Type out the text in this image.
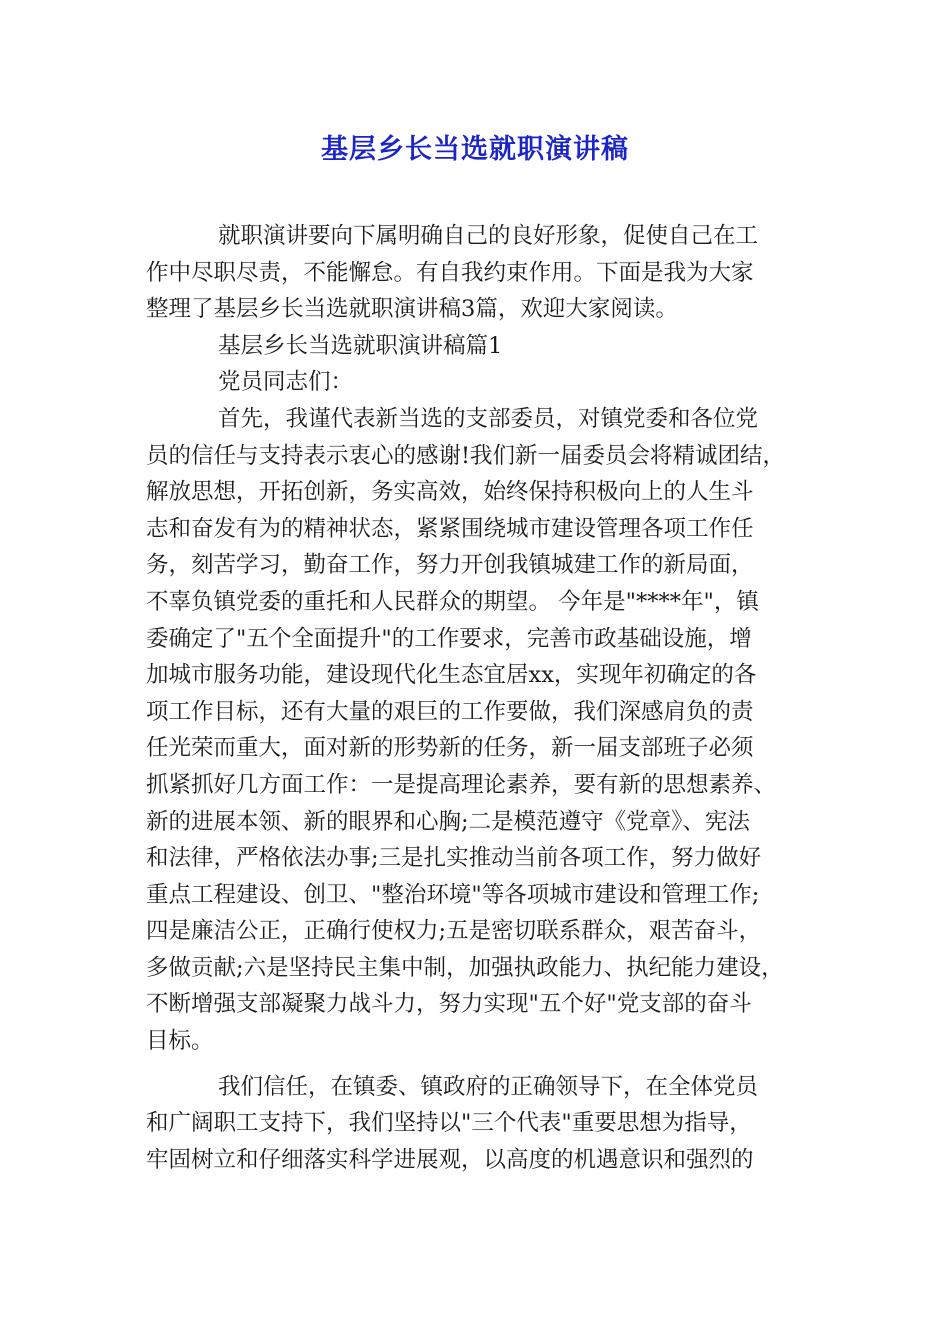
基层乡长当选就职演讲稿
就职演讲要向下属明确自己的良好形象，促使自己在工
作中尽职尽责，不能懈怠。有自我约束作用。下面是我为大家
整理了基层乡长当选就职演讲稿3篇，欢迎大家阅读。
基层乡长当选就职演讲稿篇1
党员同志们：
首先，我谨代表新当选的支部委员，对镇党委和各位党
员的信任与支持表示衷心的感谢!我们新一届委员会将精诚团结，
解放思想，开拓创新，务实高效，始终保持积极向上的人生斗
志和奋发有为的精神状态，紧紧围绕城市建设管理各项工作任
务，刻苦学习，勤奋工作，努力开创我镇城建工作的新局面，
不辜负镇党委的重托和人民群众的期望。 今年是"****年"，镇
委确定了"五个全面提升"的工作要求，完善市政基础设施，增
加城市服务功能，建设现代化生态宜居xx，实现年初确定的各
项工作目标，还有大量的艰巨的工作要做，我们深感肩负的责
任光荣而重大，面对新的形势新的任务，新一届支部班子必须
抓紧抓好几方面工作：一是提高理论素养，要有新的思想素养、
新的进展本领、新的眼界和心胸;二是模范遵守《党章》、宪法
和法律，严格依法办事;三是扎实推动当前各项工作，努力做好
重点工程建设、创卫、"整治环境"等各项城市建设和管理工作;
四是廉洁公正，正确行使权力;五是密切联系群众，艰苦奋斗，
多做贡献;六是坚持民主集中制，加强执政能力、执纪能力建设，
不断增强支部凝聚力战斗力，努力实现"五个好"党支部的奋斗
目标。
我们信任，在镇委、镇政府的正确领导下，在全体党员
和广阔职工支持下，我们坚持以"三个代表"重要思想为指导，
牢固树立和仔细落实科学进展观，以高度的机遇意识和强烈的
